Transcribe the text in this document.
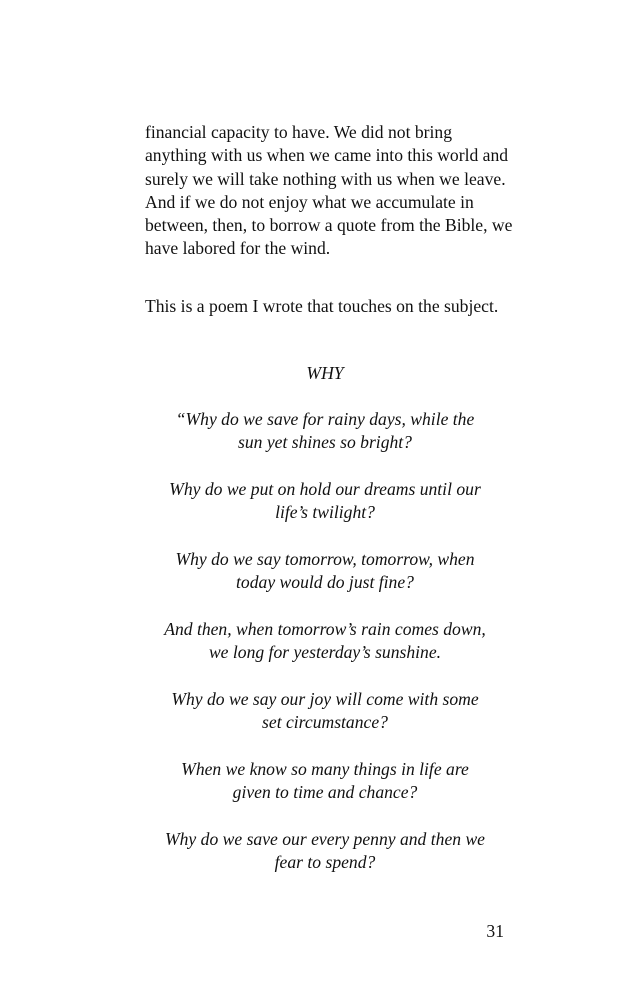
financial capacity to have. We did not bring anything with us when we came into this world and surely we will take nothing with us when we leave. And if we do not enjoy what we accumulate in between, then, to borrow a quote from the Bible, we have labored for the wind.

This is a poem I wrote that touches on the subject.

WHY

“Why do we save for rainy days, while the
sun yet shines so bright?

Why do we put on hold our dreams until our
life’s twilight?

Why do we say tomorrow, tomorrow, when
today would do just fine?

And then, when tomorrow’s rain comes down,
we long for yesterday’s sunshine.

Why do we say our joy will come with some
set circumstance?

When we know so many things in life are
given to time and chance?

Why do we save our every penny and then we
fear to spend?

31
